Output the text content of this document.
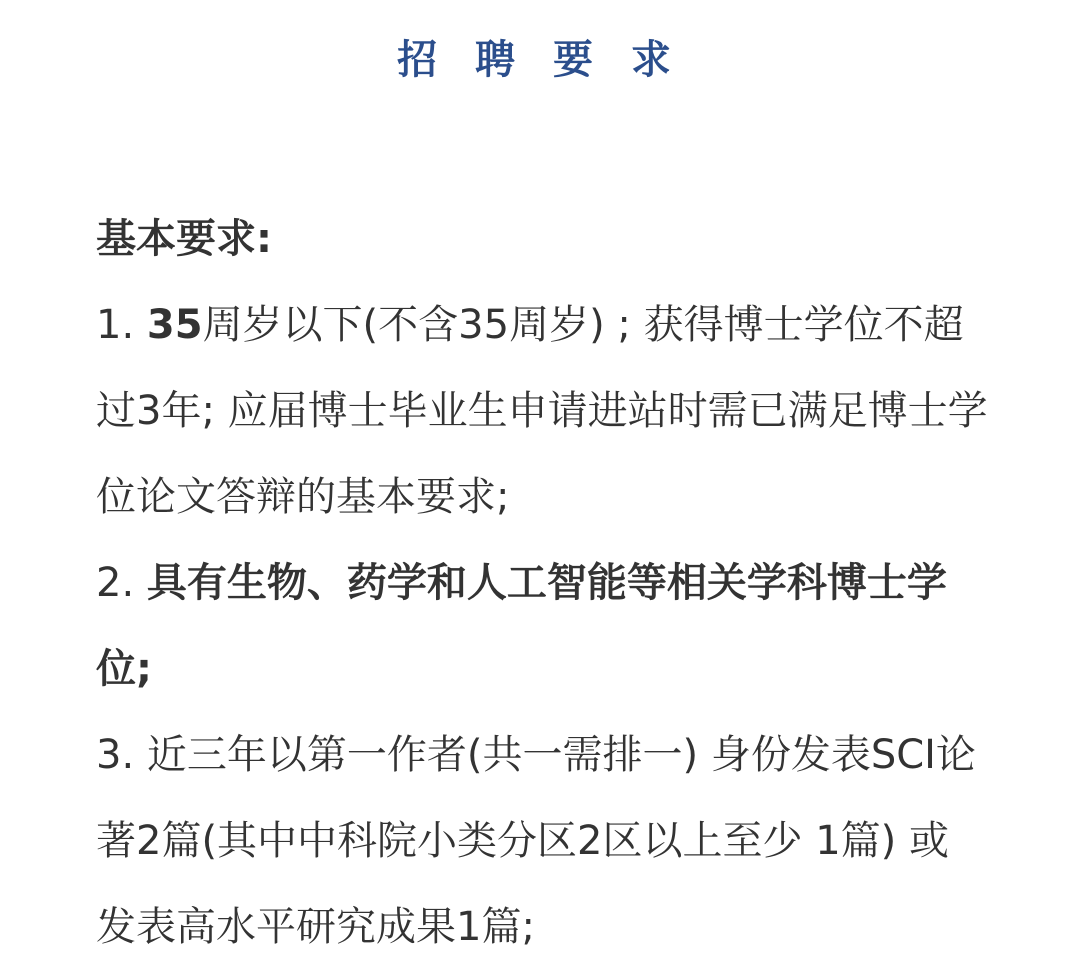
招 聘 要 求

基本要求:

1. 35周岁以下(不含35周岁) ; 获得博士学位不超过3年; 应届博士毕业生申请进站时需已满足博士学位论文答辩的基本要求;

2. 具有生物、药学和人工智能等相关学科博士学位;

3. 近三年以第一作者(共一需排一) 身份发表SCI论著2篇(其中中科院小类分区2区以上至少 1篇) 或发表高水平研究成果1篇;
